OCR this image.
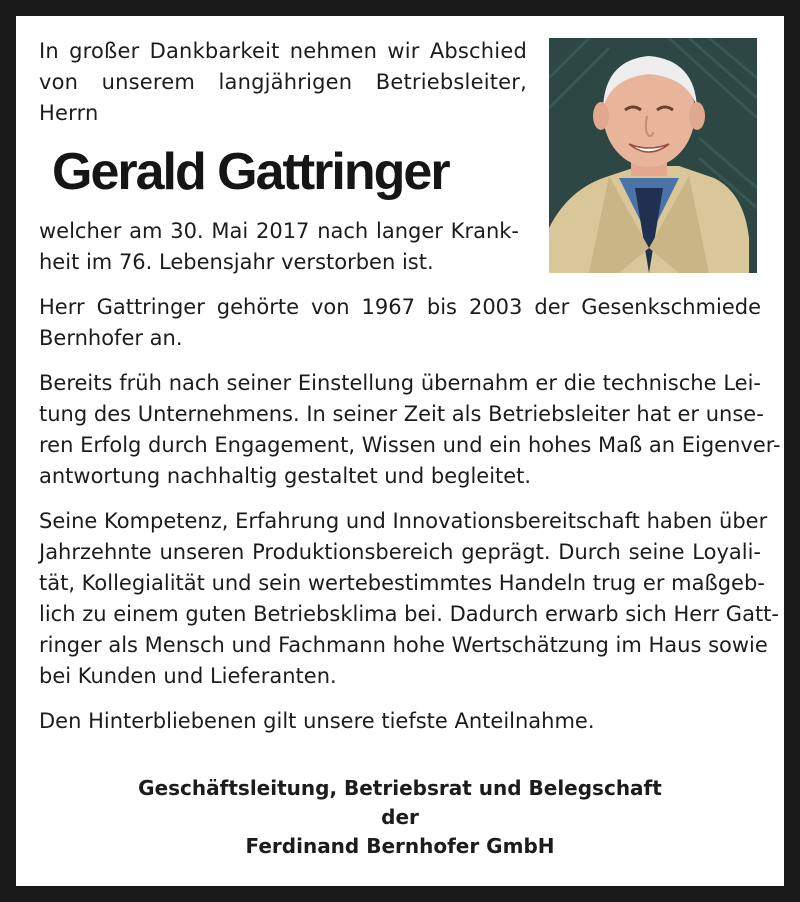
In großer Dankbarkeit nehmen wir Abschied
von unserem langjährigen Betriebsleiter,
Herrn

Gerald Gattringer

welcher am 30. Mai 2017 nach langer Krank-
heit im 76. Lebensjahr verstorben ist.

Herr Gattringer gehörte von 1967 bis 2003 der Gesenkschmiede
Bernhofer an.

Bereits früh nach seiner Einstellung übernahm er die technische Lei-
tung des Unternehmens. In seiner Zeit als Betriebsleiter hat er unse-
ren Erfolg durch Engagement, Wissen und ein hohes Maß an Eigenver-
antwortung nachhaltig gestaltet und begleitet.

Seine Kompetenz, Erfahrung und Innovationsbereitschaft haben über
Jahrzehnte unseren Produktionsbereich geprägt. Durch seine Loyali-
tät, Kollegialität und sein wertebestimmtes Handeln trug er maßgeb-
lich zu einem guten Betriebsklima bei. Dadurch erwarb sich Herr Gatt-
ringer als Mensch und Fachmann hohe Wertschätzung im Haus sowie
bei Kunden und Lieferanten.

Den Hinterbliebenen gilt unsere tiefste Anteilnahme.

Geschäftsleitung, Betriebsrat und Belegschaft
der
Ferdinand Bernhofer GmbH
